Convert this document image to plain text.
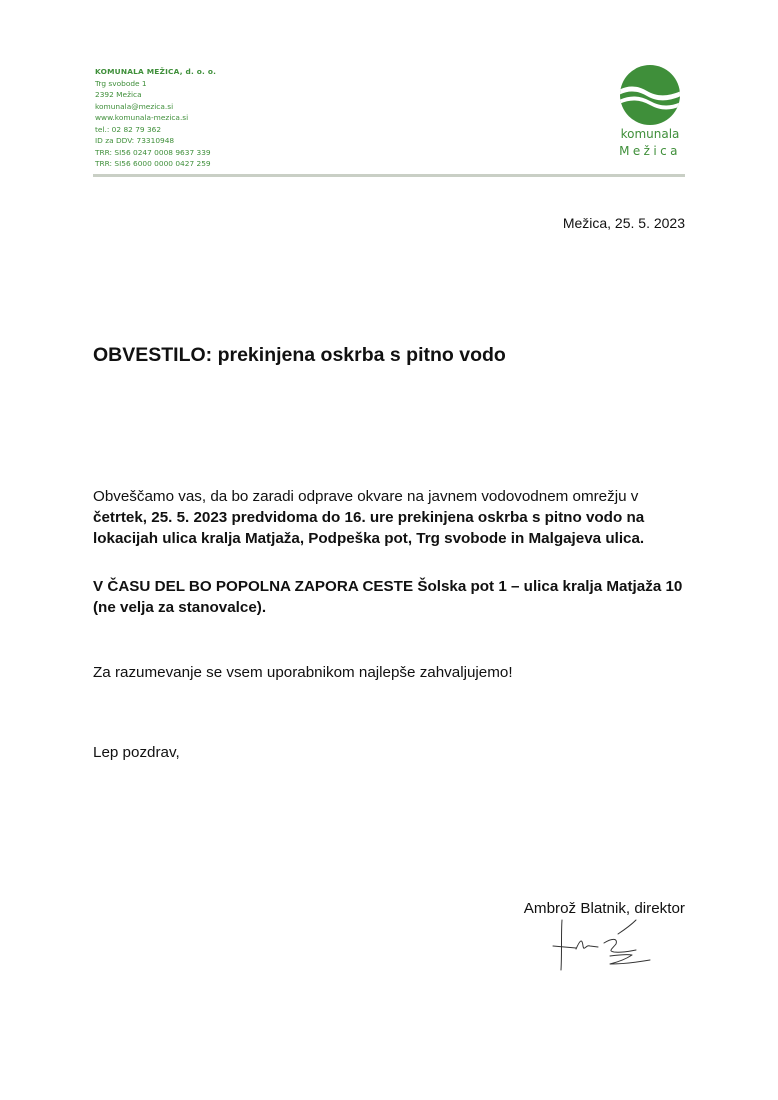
KOMUNALA MEŽICA, d. o. o.
Trg svobode 1
2392 Mežica
komunala@mezica.si
www.komunala-mezica.si
tel.: 02 82 79 362
ID za DDV: 73310948
TRR: SI56 0247 0008 9637 339
TRR: SI56 6000 0000 0427 259
komunala
Mežica
Mežica, 25. 5. 2023
OBVESTILO: prekinjena oskrba s pitno vodo
Obveščamo vas, da bo zaradi odprave okvare na javnem vodovodnem omrežju v četrtek, 25. 5. 2023 predvidoma do 16. ure prekinjena oskrba s pitno vodo na lokacijah ulica kralja Matjaža, Podpeška pot, Trg svobode in Malgajeva ulica.
V ČASU DEL BO POPOLNA ZAPORA CESTE Šolska pot 1 – ulica kralja Matjaža 10 (ne velja za stanovalce).
Za razumevanje se vsem uporabnikom najlepše zahvaljujemo!
Lep pozdrav,
Ambrož Blatnik, direktor
